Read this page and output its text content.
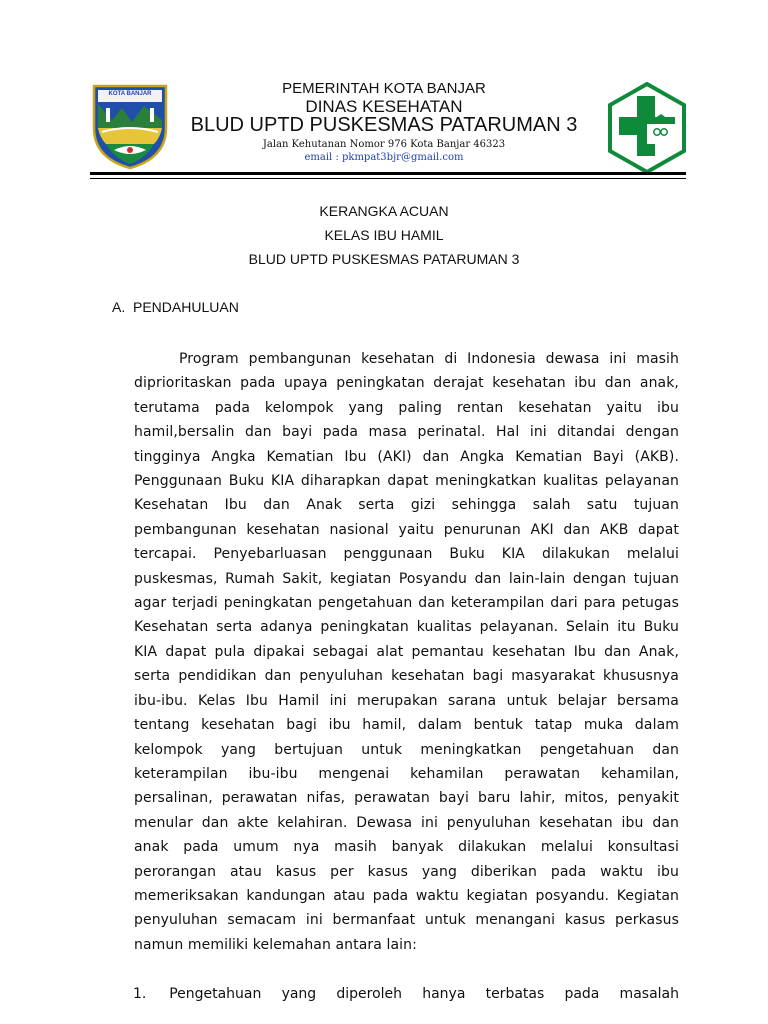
KOTA BANJAR	PEMERINTAH KOTA BANJAR
DINAS KESEHATAN
BLUD UPTD PUSKESMAS PATARUMAN 3
Jalan Kehutanan Nomor 976 Kota Banjar 46323
email : pkmpat3bjr@gmail.com
KERANGKA ACUAN
KELAS IBU HAMIL
BLUD UPTD PUSKESMAS PATARUMAN 3
A. PENDAHULUAN

Program pembangunan kesehatan di Indonesia dewasa ini masih diprioritaskan pada upaya peningkatan derajat kesehatan ibu dan anak, terutama pada kelompok yang paling rentan kesehatan yaitu ibu hamil,bersalin dan bayi pada masa perinatal. Hal ini ditandai dengan tingginya Angka Kematian Ibu (AKI) dan Angka Kematian Bayi (AKB). Penggunaan Buku KIA diharapkan dapat meningkatkan kualitas pelayanan Kesehatan Ibu dan Anak serta gizi sehingga salah satu tujuan pembangunan kesehatan nasional yaitu penurunan AKI dan AKB dapat tercapai. Penyebarluasan penggunaan Buku KIA dilakukan melalui puskesmas, Rumah Sakit, kegiatan Posyandu dan lain-lain dengan tujuan agar terjadi peningkatan pengetahuan dan keterampilan dari para petugas Kesehatan serta adanya peningkatan kualitas pelayanan. Selain itu Buku KIA dapat pula dipakai sebagai alat pemantau kesehatan Ibu dan Anak, serta pendidikan dan penyuluhan kesehatan bagi masyarakat khususnya ibu-ibu. Kelas Ibu Hamil ini merupakan sarana untuk belajar bersama tentang kesehatan bagi ibu hamil, dalam bentuk tatap muka dalam kelompok yang bertujuan untuk meningkatkan pengetahuan dan keterampilan ibu-ibu mengenai kehamilan perawatan kehamilan, persalinan, perawatan nifas, perawatan bayi baru lahir, mitos, penyakit menular dan akte kelahiran. Dewasa ini penyuluhan kesehatan ibu dan anak pada umum nya masih banyak dilakukan melalui konsultasi perorangan atau kasus per kasus yang diberikan pada waktu ibu memeriksakan kandungan atau pada waktu kegiatan posyandu. Kegiatan penyuluhan semacam ini bermanfaat untuk menangani kasus perkasus namun memiliki kelemahan antara lain:

1. Pengetahuan yang diperoleh hanya terbatas pada masalah
